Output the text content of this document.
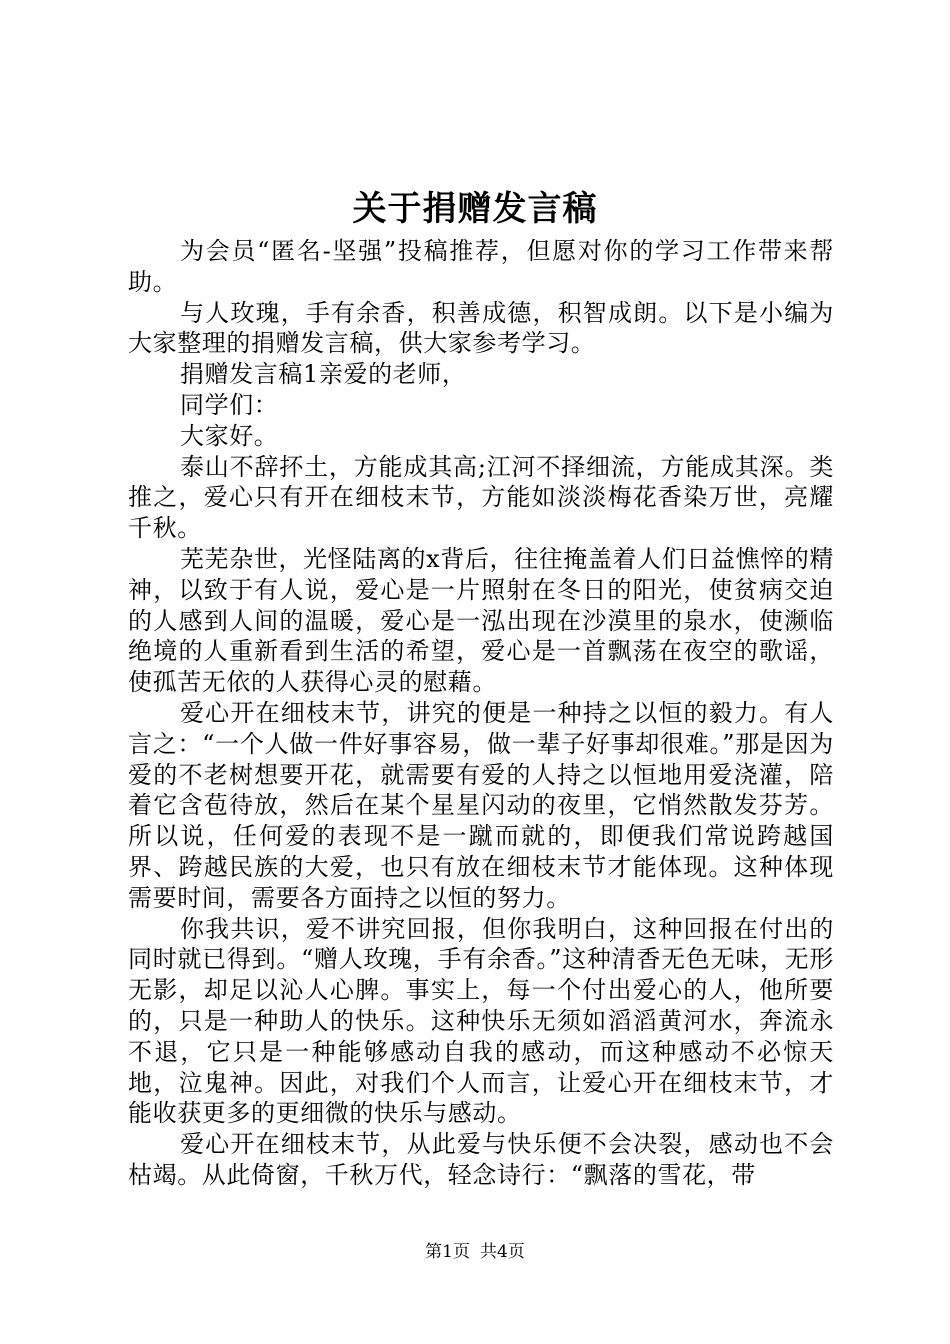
关于捐赠发言稿

为会员“匿名-坚强”投稿推荐，但愿对你的学习工作带来帮助。

与人玫瑰，手有余香，积善成德，积智成朗。以下是小编为大家整理的捐赠发言稿，供大家参考学习。

捐赠发言稿1亲爱的老师，

同学们：

大家好。

泰山不辞抔土，方能成其高;江河不择细流，方能成其深。类推之，爱心只有开在细枝末节，方能如淡淡梅花香染万世，亮耀千秋。

芜芜杂世，光怪陆离的x背后，往往掩盖着人们日益憔悴的精神，以致于有人说，爱心是一片照射在冬日的阳光，使贫病交迫的人感到人间的温暖，爱心是一泓出现在沙漠里的泉水，使濒临绝境的人重新看到生活的希望，爱心是一首飘荡在夜空的歌谣，使孤苦无依的人获得心灵的慰藉。

爱心开在细枝末节，讲究的便是一种持之以恒的毅力。有人言之：“一个人做一件好事容易，做一辈子好事却很难。”那是因为爱的不老树想要开花，就需要有爱的人持之以恒地用爱浇灌，陪着它含苞待放，然后在某个星星闪动的夜里，它悄然散发芬芳。所以说，任何爱的表现不是一蹴而就的，即便我们常说跨越国界、跨越民族的大爱，也只有放在细枝末节才能体现。这种体现需要时间，需要各方面持之以恒的努力。

你我共识，爱不讲究回报，但你我明白，这种回报在付出的同时就已得到。“赠人玫瑰，手有余香。”这种清香无色无味，无形无影，却足以沁人心脾。事实上，每一个付出爱心的人，他所要的，只是一种助人的快乐。这种快乐无须如滔滔黄河水，奔流永不退，它只是一种能够感动自我的感动，而这种感动不必惊天地，泣鬼神。因此，对我们个人而言，让爱心开在细枝末节，才能收获更多的更细微的快乐与感动。

爱心开在细枝末节，从此爱与快乐便不会决裂，感动也不会枯竭。从此倚窗，千秋万代，轻念诗行：“飘落的雪花，带

第1页 共4页
